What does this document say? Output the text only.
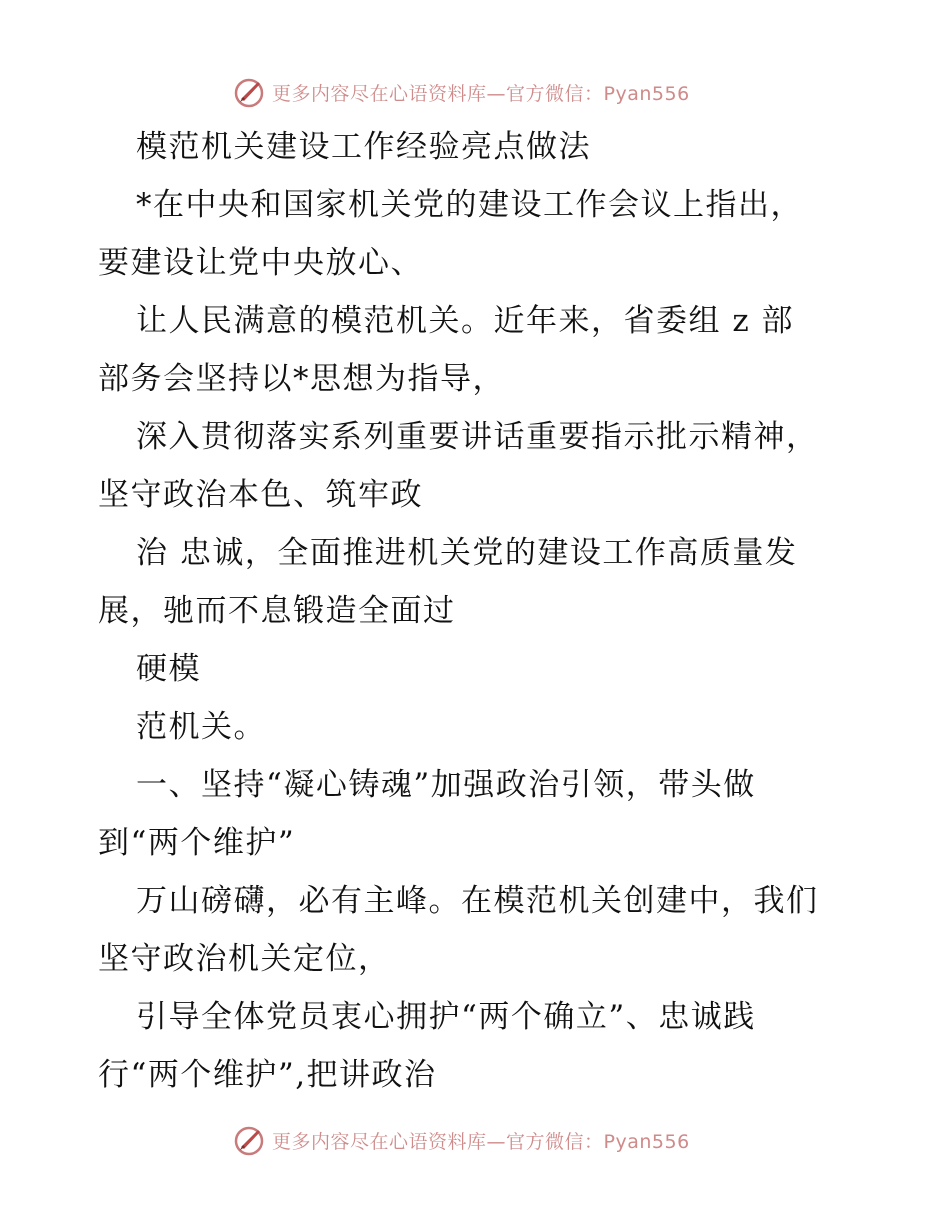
更多内容尽在心语资料库—官方微信：Pyan556
模范机关建设工作经验亮点做法
*在中央和国家机关党的建设工作会议上指出，
要建设让党中央放心、
让人民满意的模范机关。近年来，省委组 z 部
部务会坚持以*思想为指导，
深入贯彻落实系列重要讲话重要指示批示精神，
坚守政治本色、筑牢政
治 忠诚，全面推进机关党的建设工作高质量发
展，驰而不息锻造全面过
硬模
范机关。
一、坚持“凝心铸魂”加强政治引领，带头做
到“两个维护”
万山磅礴，必有主峰。在模范机关创建中，我们
坚守政治机关定位，
引导全体党员衷心拥护“两个确立”、忠诚践
行“两个维护”,把讲政治
更多内容尽在心语资料库—官方微信：Pyan556
